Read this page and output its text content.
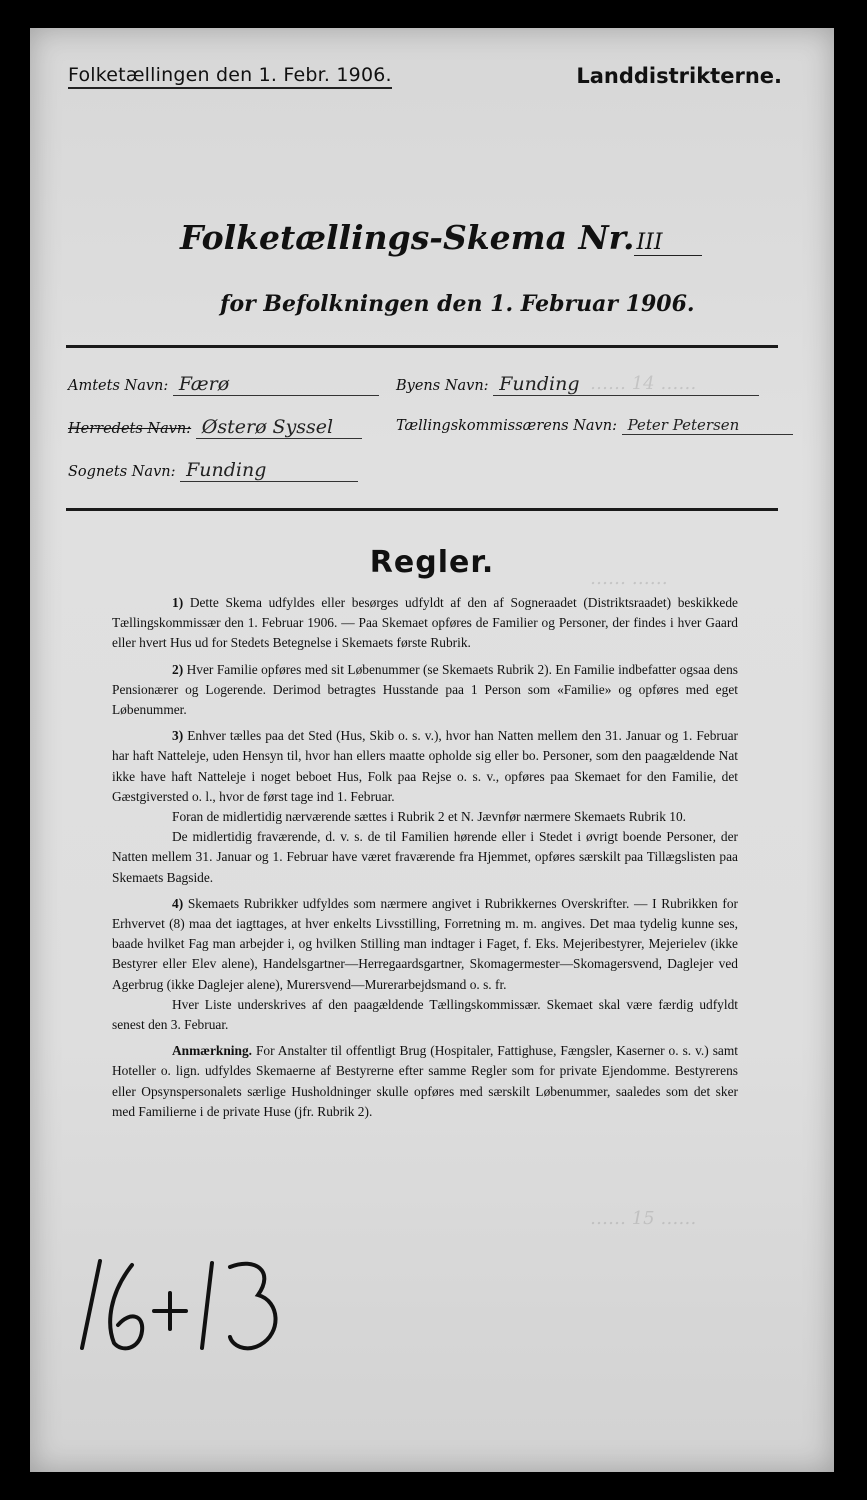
…… 14 ……
…… ……
…… 15 ……
Folketællingen den 1. Febr. 1906.	Landdistrikterne.
Folketællings-Skema Nr.III
for Befolkningen den 1. Februar 1906.
Amtets Navn: Færø	Byens Navn: Funding
Herredets Navn: Østerø Syssel	Tællingskommissærens Navn: Peter Petersen
Sognets Navn: Funding
Regler.

1) Dette Skema udfyldes eller besørges udfyldt af den af Sogneraadet (Distriktsraadet) beskikkede Tællingskommissær den 1. Februar 1906. — Paa Skemaet opføres de Familier og Personer, der findes i hver Gaard eller hvert Hus ud for Stedets Betegnelse i Skemaets første Rubrik.

2) Hver Familie opføres med sit Løbenummer (se Skemaets Rubrik 2). En Familie indbefatter ogsaa dens Pensionærer og Logerende. Derimod betragtes Husstande paa 1 Person som «Familie» og opføres med eget Løbenummer.

3) Enhver tælles paa det Sted (Hus, Skib o. s. v.), hvor han Natten mellem den 31. Januar og 1. Februar har haft Natteleje, uden Hensyn til, hvor han ellers maatte opholde sig eller bo. Personer, som den paagældende Nat ikke have haft Natteleje i noget beboet Hus, Folk paa Rejse o. s. v., opføres paa Skemaet for den Familie, det Gæstgiversted o. l., hvor de først tage ind 1. Februar.

Foran de midlertidig nærværende sættes i Rubrik 2 et N. Jævnfør nærmere Skemaets Rubrik 10.

De midlertidig fraværende, d. v. s. de til Familien hørende eller i Stedet i øvrigt boende Personer, der Natten mellem 31. Januar og 1. Februar have været fraværende fra Hjemmet, opføres særskilt paa Tillægslisten paa Skemaets Bagside.

4) Skemaets Rubrikker udfyldes som nærmere angivet i Rubrikkernes Overskrifter. — I Rubrikken for Erhvervet (8) maa det iagttages, at hver enkelts Livsstilling, Forretning m. m. angives. Det maa tydelig kunne ses, baade hvilket Fag man arbejder i, og hvilken Stilling man indtager i Faget, f. Eks. Mejeribestyrer, Mejerielev (ikke Bestyrer eller Elev alene), Handelsgartner—Herregaardsgartner, Skomagermester—Skomagersvend, Daglejer ved Agerbrug (ikke Daglejer alene), Murersvend—Murerarbejdsmand o. s. fr.

Hver Liste underskrives af den paagældende Tællingskommissær. Skemaet skal være færdig udfyldt senest den 3. Februar.

Anmærkning. For Anstalter til offentligt Brug (Hospitaler, Fattighuse, Fængsler, Kaserner o. s. v.) samt Hoteller o. lign. udfyldes Skemaerne af Bestyrerne efter samme Regler som for private Ejendomme. Bestyrerens eller Opsynspersonalets særlige Husholdninger skulle opføres med særskilt Løbenummer, saaledes som det sker med Familierne i de private Huse (jfr. Rubrik 2).
